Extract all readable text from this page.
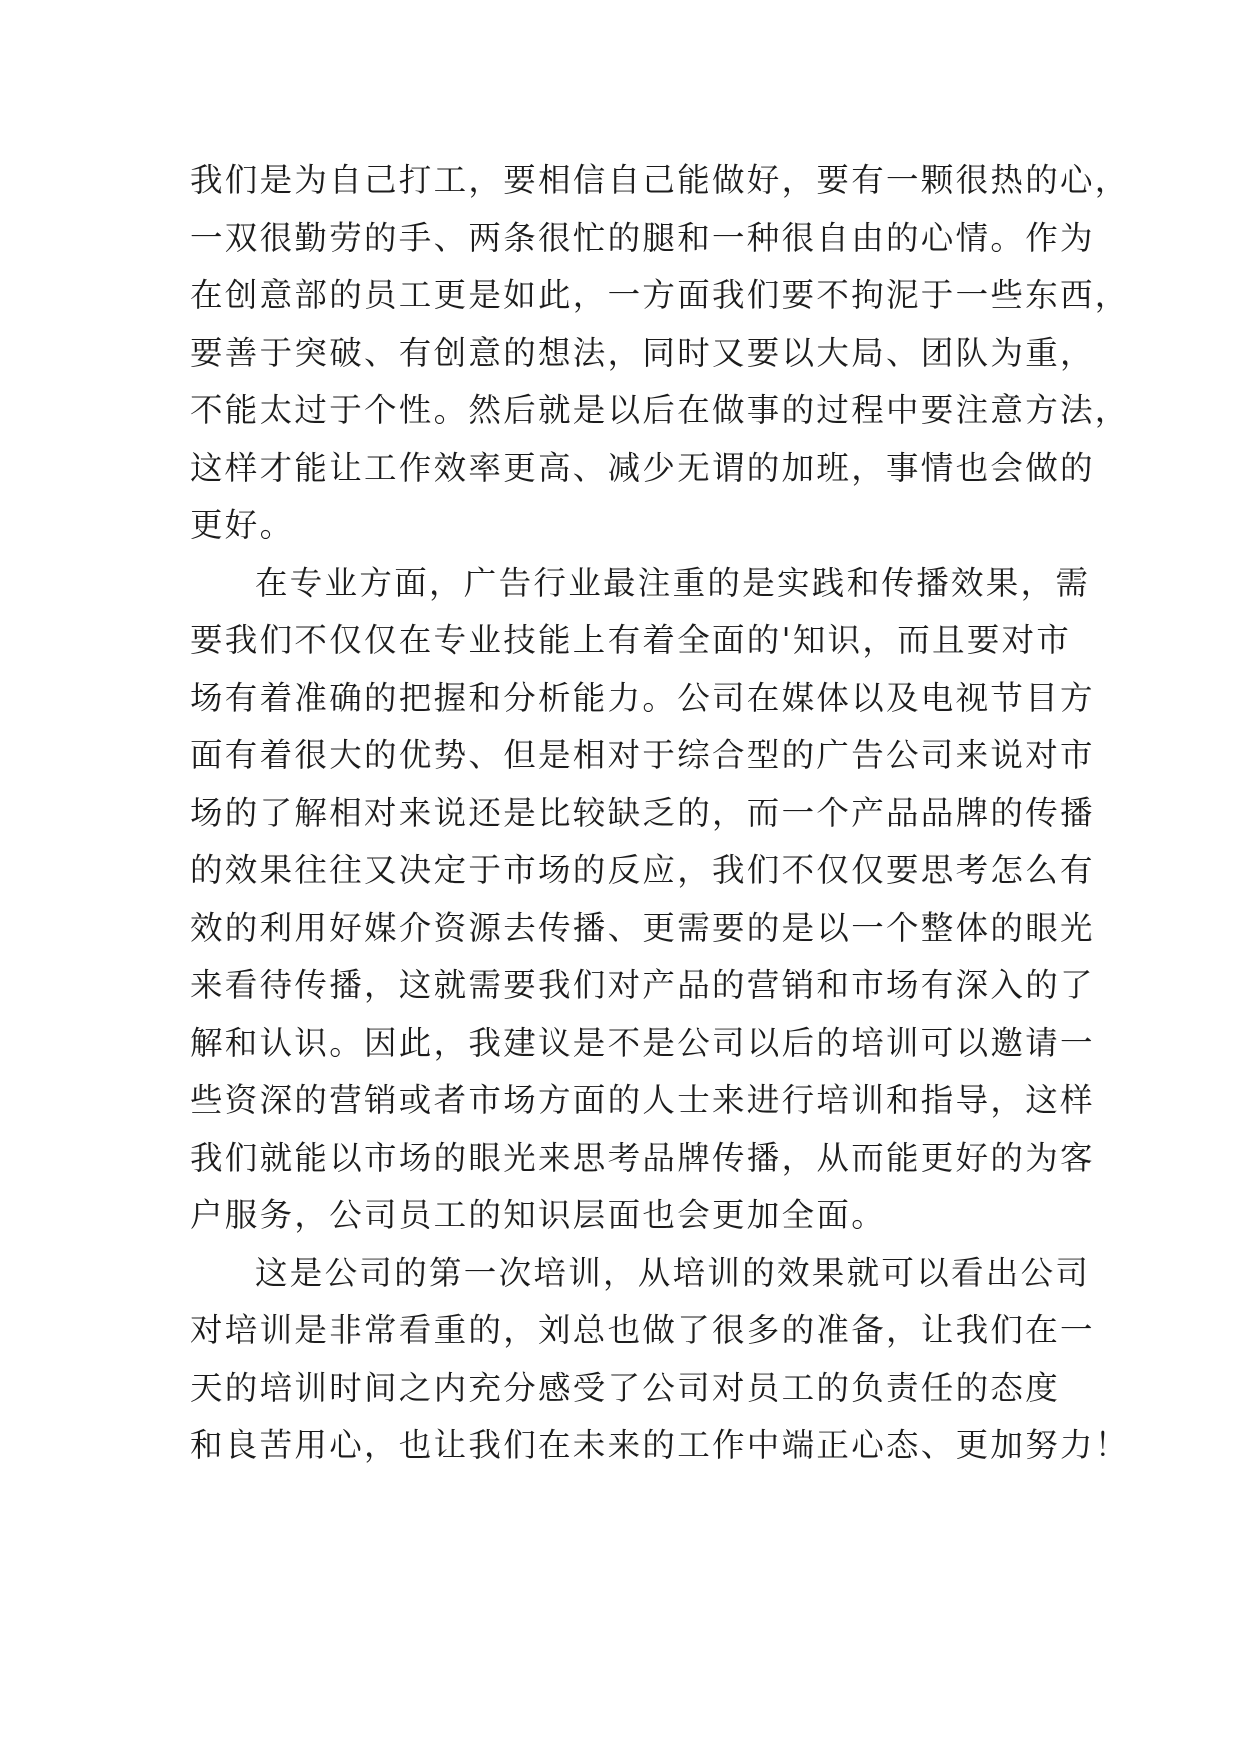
我们是为自己打工，要相信自己能做好，要有一颗很热的心，
一双很勤劳的手、两条很忙的腿和一种很自由的心情。作为
在创意部的员工更是如此，一方面我们要不拘泥于一些东西，
要善于突破、有创意的想法，同时又要以大局、团队为重，
不能太过于个性。然后就是以后在做事的过程中要注意方法，
这样才能让工作效率更高、减少无谓的加班，事情也会做的
更好。
在专业方面，广告行业最注重的是实践和传播效果，需
要我们不仅仅在专业技能上有着全面的'知识，而且要对市
场有着准确的把握和分析能力。公司在媒体以及电视节目方
面有着很大的优势、但是相对于综合型的广告公司来说对市
场的了解相对来说还是比较缺乏的，而一个产品品牌的传播
的效果往往又决定于市场的反应，我们不仅仅要思考怎么有
效的利用好媒介资源去传播、更需要的是以一个整体的眼光
来看待传播，这就需要我们对产品的营销和市场有深入的了
解和认识。因此，我建议是不是公司以后的培训可以邀请一
些资深的营销或者市场方面的人士来进行培训和指导，这样
我们就能以市场的眼光来思考品牌传播，从而能更好的为客
户服务，公司员工的知识层面也会更加全面。
这是公司的第一次培训，从培训的效果就可以看出公司
对培训是非常看重的，刘总也做了很多的准备，让我们在一
天的培训时间之内充分感受了公司对员工的负责任的态度
和良苦用心，也让我们在未来的工作中端正心态、更加努力！
